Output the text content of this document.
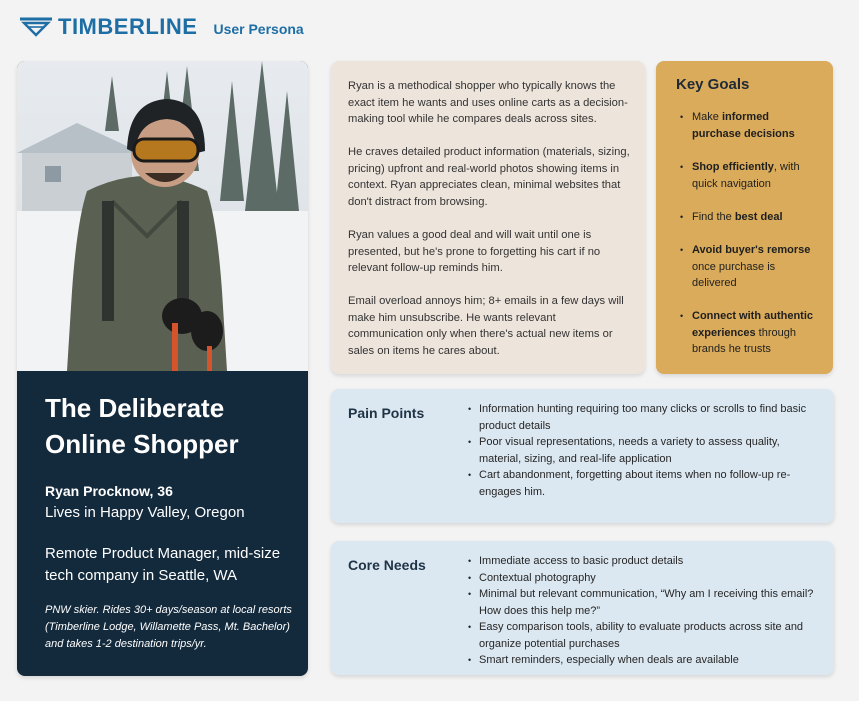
TIMBERLINE User Persona
The Deliberate Online Shopper
Ryan Procknow, 36
Lives in Happy Valley, Oregon
Remote Product Manager, mid-size tech company in Seattle, WA
PNW skier. Rides 30+ days/season at local resorts (Timberline Lodge, Willamette Pass, Mt. Bachelor) and takes 1-2 destination trips/yr.

Ryan is a methodical shopper who typically knows the exact item he wants and uses online carts as a decision-making tool while he compares deals across sites.

He craves detailed product information (materials, sizing, pricing) upfront and real-world photos showing items in context. Ryan appreciates clean, minimal websites that don't distract from browsing.

Ryan values a good deal and will wait until one is presented, but he's prone to forgetting his cart if no relevant follow-up reminds him.

Email overload annoys him; 8+ emails in a few days will make him unsubscribe. He wants relevant communication only when there's actual new items or sales on items he cares about.

Key Goals
• Make informed purchase decisions
• Shop efficiently, with quick navigation
• Find the best deal
• Avoid buyer's remorse once purchase is delivered
• Connect with authentic experiences through brands he trusts
Pain Points	• Information hunting requiring too many clicks or scrolls to find basic product details
• Poor visual representations, needs a variety to assess quality, material, sizing, and real-life application
• Cart abandonment, forgetting about items when no follow-up re-engages him.
Core Needs	• Immediate access to basic product details
• Contextual photography
• Minimal but relevant communication, “Why am I receiving this email? How does this help me?”
• Easy comparison tools, ability to evaluate products across site and organize potential purchases
• Smart reminders, especially when deals are available
